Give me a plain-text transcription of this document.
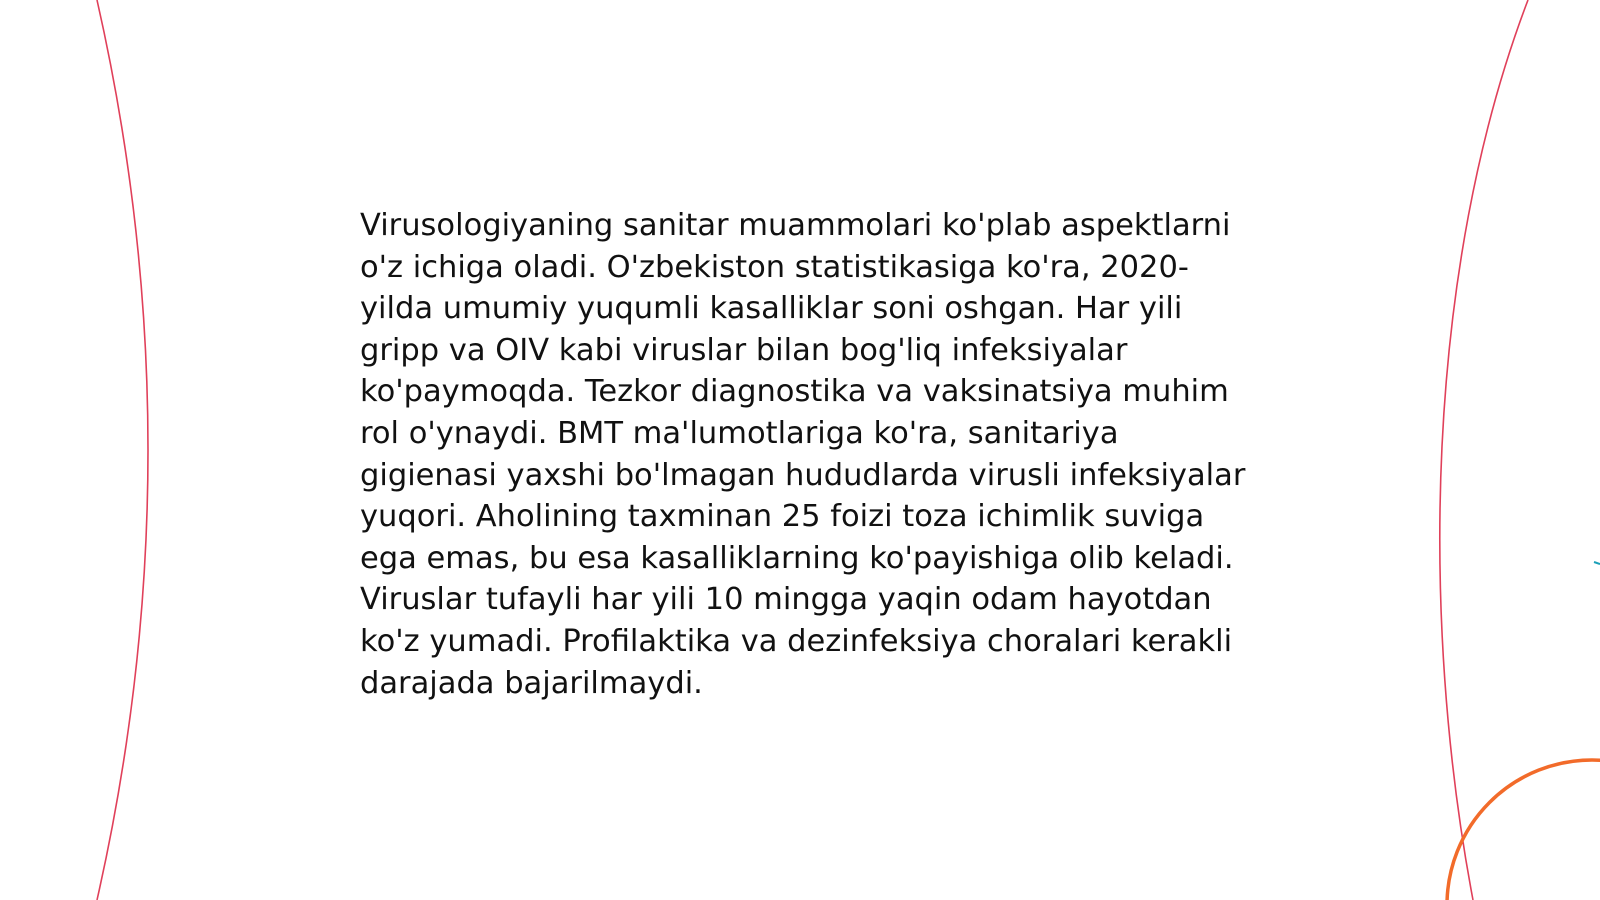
Virusologiyaning sanitar muammolari ko'plab aspektlarni o'z ichiga oladi. O'zbekiston statistikasiga ko'ra, 2020-yilda umumiy yuqumli kasalliklar soni oshgan. Har yili gripp va OIV kabi viruslar bilan bog'liq infeksiyalar ko'paymoqda. Tezkor diagnostika va vaksinatsiya muhim rol o'ynaydi. BMT ma'lumotlariga ko'ra, sanitariya gigienasi yaxshi bo'lmagan hududlarda virusli infeksiyalar yuqori. Aholining taxminan 25 foizi toza ichimlik suviga ega emas, bu esa kasalliklarning ko'payishiga olib keladi. Viruslar tufayli har yili 10 mingga yaqin odam hayotdan ko'z yumadi. Profilaktika va dezinfeksiya choralari kerakli darajada bajarilmaydi.
